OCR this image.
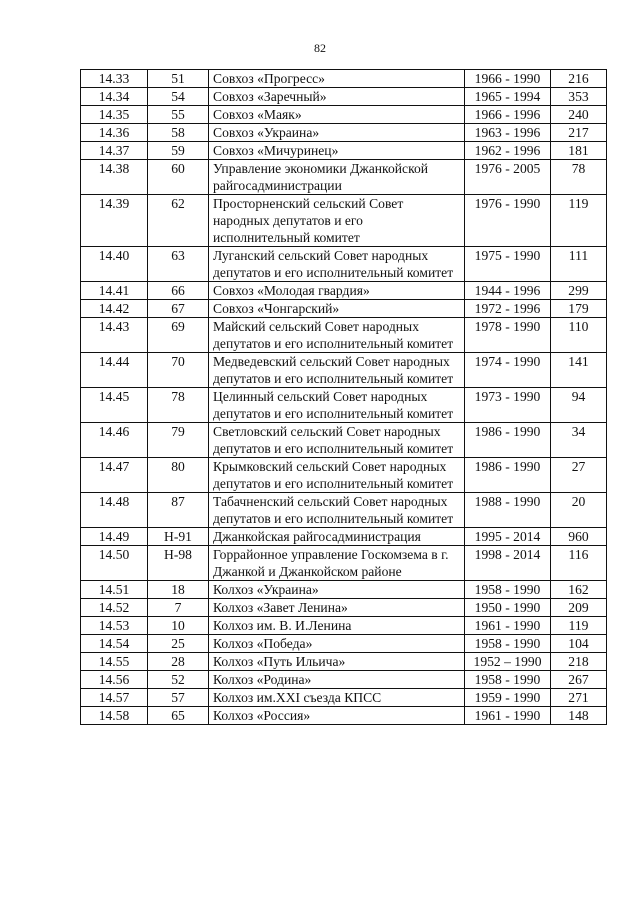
82
14.33	51	Совхоз «Прогресс»	1966 - 1990	216
14.34	54	Совхоз «Заречный»	1965 - 1994	353
14.35	55	Совхоз «Маяк»	1966 - 1996	240
14.36	58	Совхоз «Украина»	1963 - 1996	217
14.37	59	Совхоз «Мичуринец»	1962 - 1996	181
14.38	60	Управление экономики Джанкойской райгосадминистрации	1976 - 2005	78
14.39	62	Просторненский сельский Совет народных депутатов и его исполнительный комитет	1976 - 1990	119
14.40	63	Луганский сельский Совет народных депутатов и его исполнительный комитет	1975 - 1990	111
14.41	66	Совхоз «Молодая гвардия»	1944 - 1996	299
14.42	67	Совхоз «Чонгарский»	1972 - 1996	179
14.43	69	Майский сельский Совет народных депутатов и его исполнительный комитет	1978 - 1990	110
14.44	70	Медведевский сельский Совет народных депутатов и его исполнительный комитет	1974 - 1990	141
14.45	78	Целинный сельский Совет народных депутатов и его исполнительный комитет	1973 - 1990	94
14.46	79	Светловский сельский Совет народных депутатов и его исполнительный комитет	1986 - 1990	34
14.47	80	Крымковский сельский Совет народных депутатов и его исполнительный комитет	1986 - 1990	27
14.48	87	Табачненский сельский Совет народных депутатов и его исполнительный комитет	1988 - 1990	20
14.49	Н-91	Джанкойская райгосадминистрация	1995 - 2014	960
14.50	Н-98	Горрайонное управление Госкомзема в г. Джанкой и Джанкойском районе	1998 - 2014	116
14.51	18	Колхоз «Украина»	1958 - 1990	162
14.52	7	Колхоз «Завет Ленина»	1950 - 1990	209
14.53	10	Колхоз им. В. И.Ленина	1961 - 1990	119
14.54	25	Колхоз «Победа»	1958 - 1990	104
14.55	28	Колхоз «Путь Ильича»	1952 – 1990	218
14.56	52	Колхоз «Родина»	1958 - 1990	267
14.57	57	Колхоз им.XXI съезда КПСС	1959 - 1990	271
14.58	65	Колхоз «Россия»	1961 - 1990	148
